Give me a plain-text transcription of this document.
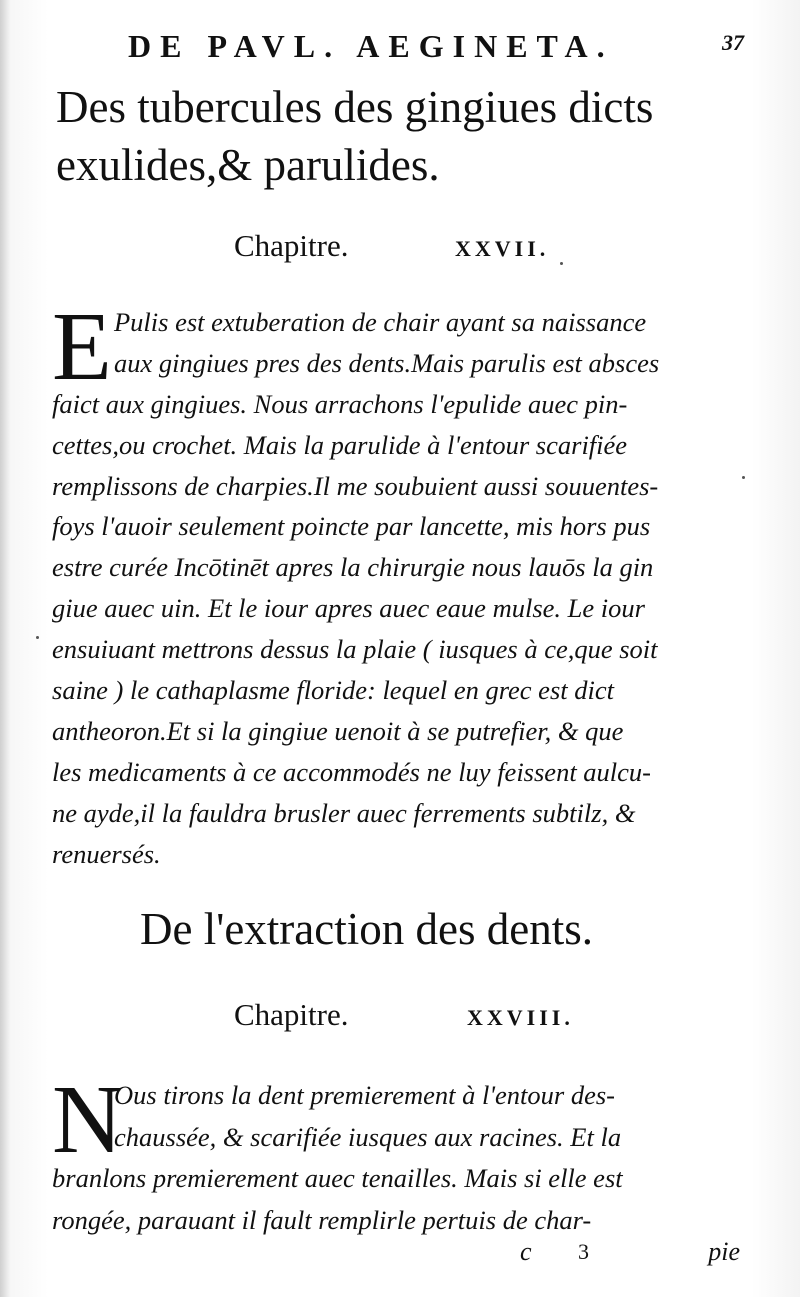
DE PAVL. AEGINETA.	37
Des tubercules des gingiues dicts exulides,& parulides.
Chapitre.	XXVII.
E Pulis est extuberation de chair ayant sa naissance
aux gingiues pres des dents.Mais parulis est absces
faict aux gingiues. Nous arrachons l'epulide auec pin-
cettes,ou crochet. Mais la parulide à l'entour scarifiée
remplissons de charpies.Il me soubuient aussi souuentes-
foys l'auoir seulement poincte par lancette, mis hors pus
estre curée Incōtinēt apres la chirurgie nous lauōs la gin
giue auec uin. Et le iour apres auec eaue mulse. Le iour
ensuiuant mettrons dessus la plaie ( iusques à ce,que soit
saine ) le cathaplasme floride: lequel en grec est dict
antheoron.Et si la gingiue uenoit à se putrefier, & que
les medicaments à ce accommodés ne luy feissent aulcu-
ne ayde,il la fauldra brusler auec ferrements subtilz, &
renuersés.
De l'extraction des dents.
Chapitre.	XXVIII.
N
Ous tirons la dent premierement à l'entour des-
chaussée, & scarifiée iusques aux racines. Et la
branlons premierement auec tenailles. Mais si elle est
rongée, parauant il fault remplirle pertuis de char-
c 3	pie
